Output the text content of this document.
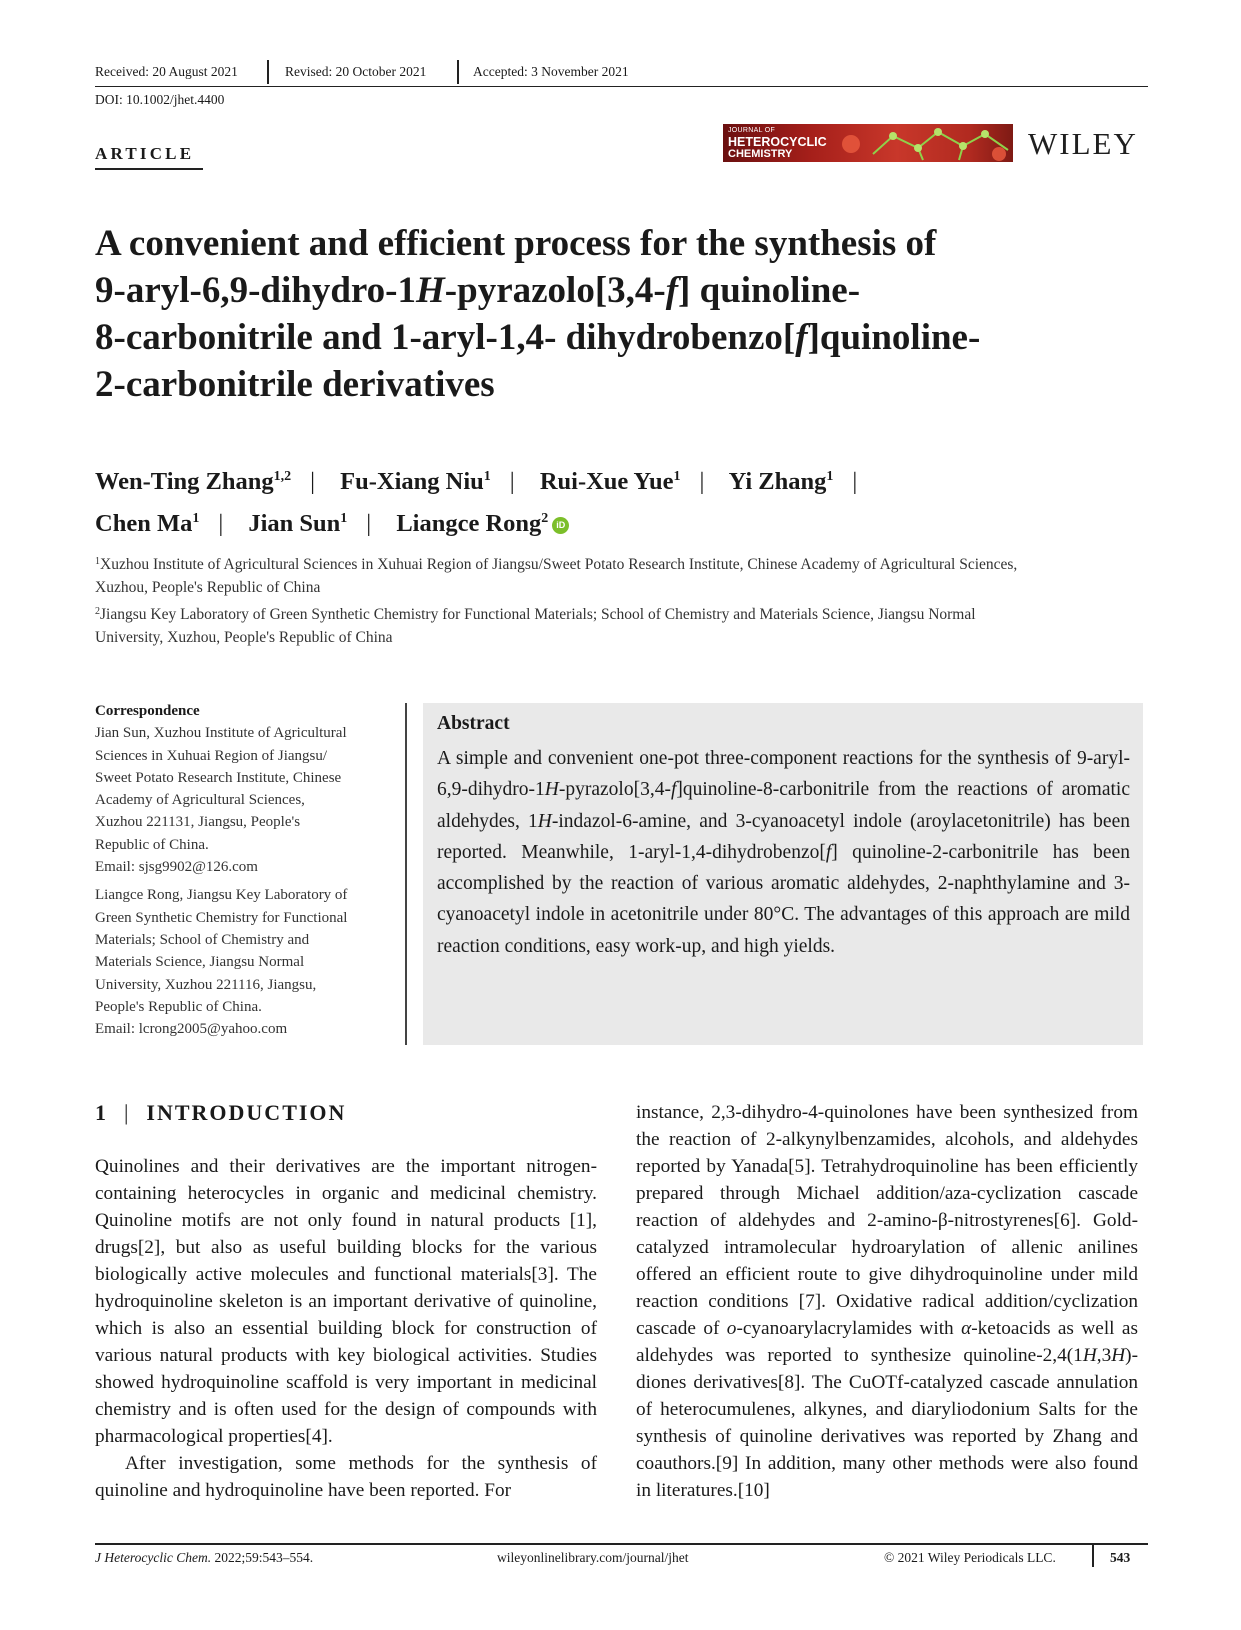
Received: 20 August 2021	Revised: 20 October 2021	Accepted: 3 November 2021
DOI: 10.1002/jhet.4400
ARTICLE
JOURNAL OF
HETEROCYCLIC
CHEMISTRY	WILEY
A convenient and efficient process for the synthesis of
9-aryl-6,9-dihydro-1H-pyrazolo[3,4-f] quinoline-
8-carbonitrile and 1-aryl-1,4- dihydrobenzo[f]quinoline-
2-carbonitrile derivatives
Wen-Ting Zhang$^{1,2}$ | Fu-Xiang Niu$^1$ | Rui-Xue Yue$^1$ | Yi Zhang$^1$ |
Chen Ma$^1$ | Jian Sun$^1$ | Liangce Rong$^2$ iD
$^1$Xuzhou Institute of Agricultural Sciences in Xuhuai Region of Jiangsu/Sweet Potato Research Institute, Chinese Academy of Agricultural Sciences,
Xuzhou, People's Republic of China
$^2$Jiangsu Key Laboratory of Green Synthetic Chemistry for Functional Materials; School of Chemistry and Materials Science, Jiangsu Normal
University, Xuzhou, People's Republic of China
Correspondence
Jian Sun, Xuzhou Institute of Agricultural
Sciences in Xuhuai Region of Jiangsu/
Sweet Potato Research Institute, Chinese
Academy of Agricultural Sciences,
Xuzhou 221131, Jiangsu, People's
Republic of China.
Email: sjsg9902@126.com
Liangce Rong, Jiangsu Key Laboratory of
Green Synthetic Chemistry for Functional
Materials; School of Chemistry and
Materials Science, Jiangsu Normal
University, Xuzhou 221116, Jiangsu,
People's Republic of China.
Email: lcrong2005@yahoo.com
Abstract
A simple and convenient one-pot three-component reactions for the synthesis of 9-aryl-6,9-dihydro-1H-pyrazolo[3,4-f]quinoline-8-carbonitrile from the reactions of aromatic aldehydes, 1H-indazol-6-amine, and 3-cyanoacetyl indole (aroylacetonitrile) has been reported. Meanwhile, 1-aryl-1,4-dihydrobenzo[f] quinoline-2-carbonitrile has been accomplished by the reaction of various aromatic aldehydes, 2-naphthylamine and 3-cyanoacetyl indole in acetonitrile under 80°C. The advantages of this approach are mild reaction conditions, easy work-up, and high yields.
1 | INTRODUCTION
Quinolines and their derivatives are the important nitrogen-containing heterocycles in organic and medicinal chemistry. Quinoline motifs are not only found in natural products [1], drugs[2], but also as useful building blocks for the various biologically active molecules and functional materials[3]. The hydroquinoline skeleton is an important derivative of quinoline, which is also an essential building block for construction of various natural products with key biological activities. Studies showed hydroquinoline scaffold is very important in medicinal chemistry and is often used for the design of compounds with pharmacological properties[4].
After investigation, some methods for the synthesis of quinoline and hydroquinoline have been reported. For
instance, 2,3-dihydro-4-quinolones have been synthesized from the reaction of 2-alkynylbenzamides, alcohols, and aldehydes reported by Yanada[5]. Tetrahydroquinoline has been efficiently prepared through Michael addition/aza-cyclization cascade reaction of aldehydes and 2-amino-β-nitrostyrenes[6]. Gold-catalyzed intramolecular hydroarylation of allenic anilines offered an efficient route to give dihydroquinoline under mild reaction conditions [7]. Oxidative radical addition/cyclization cascade of o-cyanoarylacrylamides with α-ketoacids as well as aldehydes was reported to synthesize quinoline-2,4(1H,3H)-diones derivatives[8]. The CuOTf-catalyzed cascade annulation of heterocumulenes, alkynes, and diaryliodonium Salts for the synthesis of quinoline derivatives was reported by Zhang and coauthors.[9] In addition, many other methods were also found in literatures.[10]
J Heterocyclic Chem. 2022;59:543–554.	wileyonlinelibrary.com/journal/jhet	© 2021 Wiley Periodicals LLC.	543
